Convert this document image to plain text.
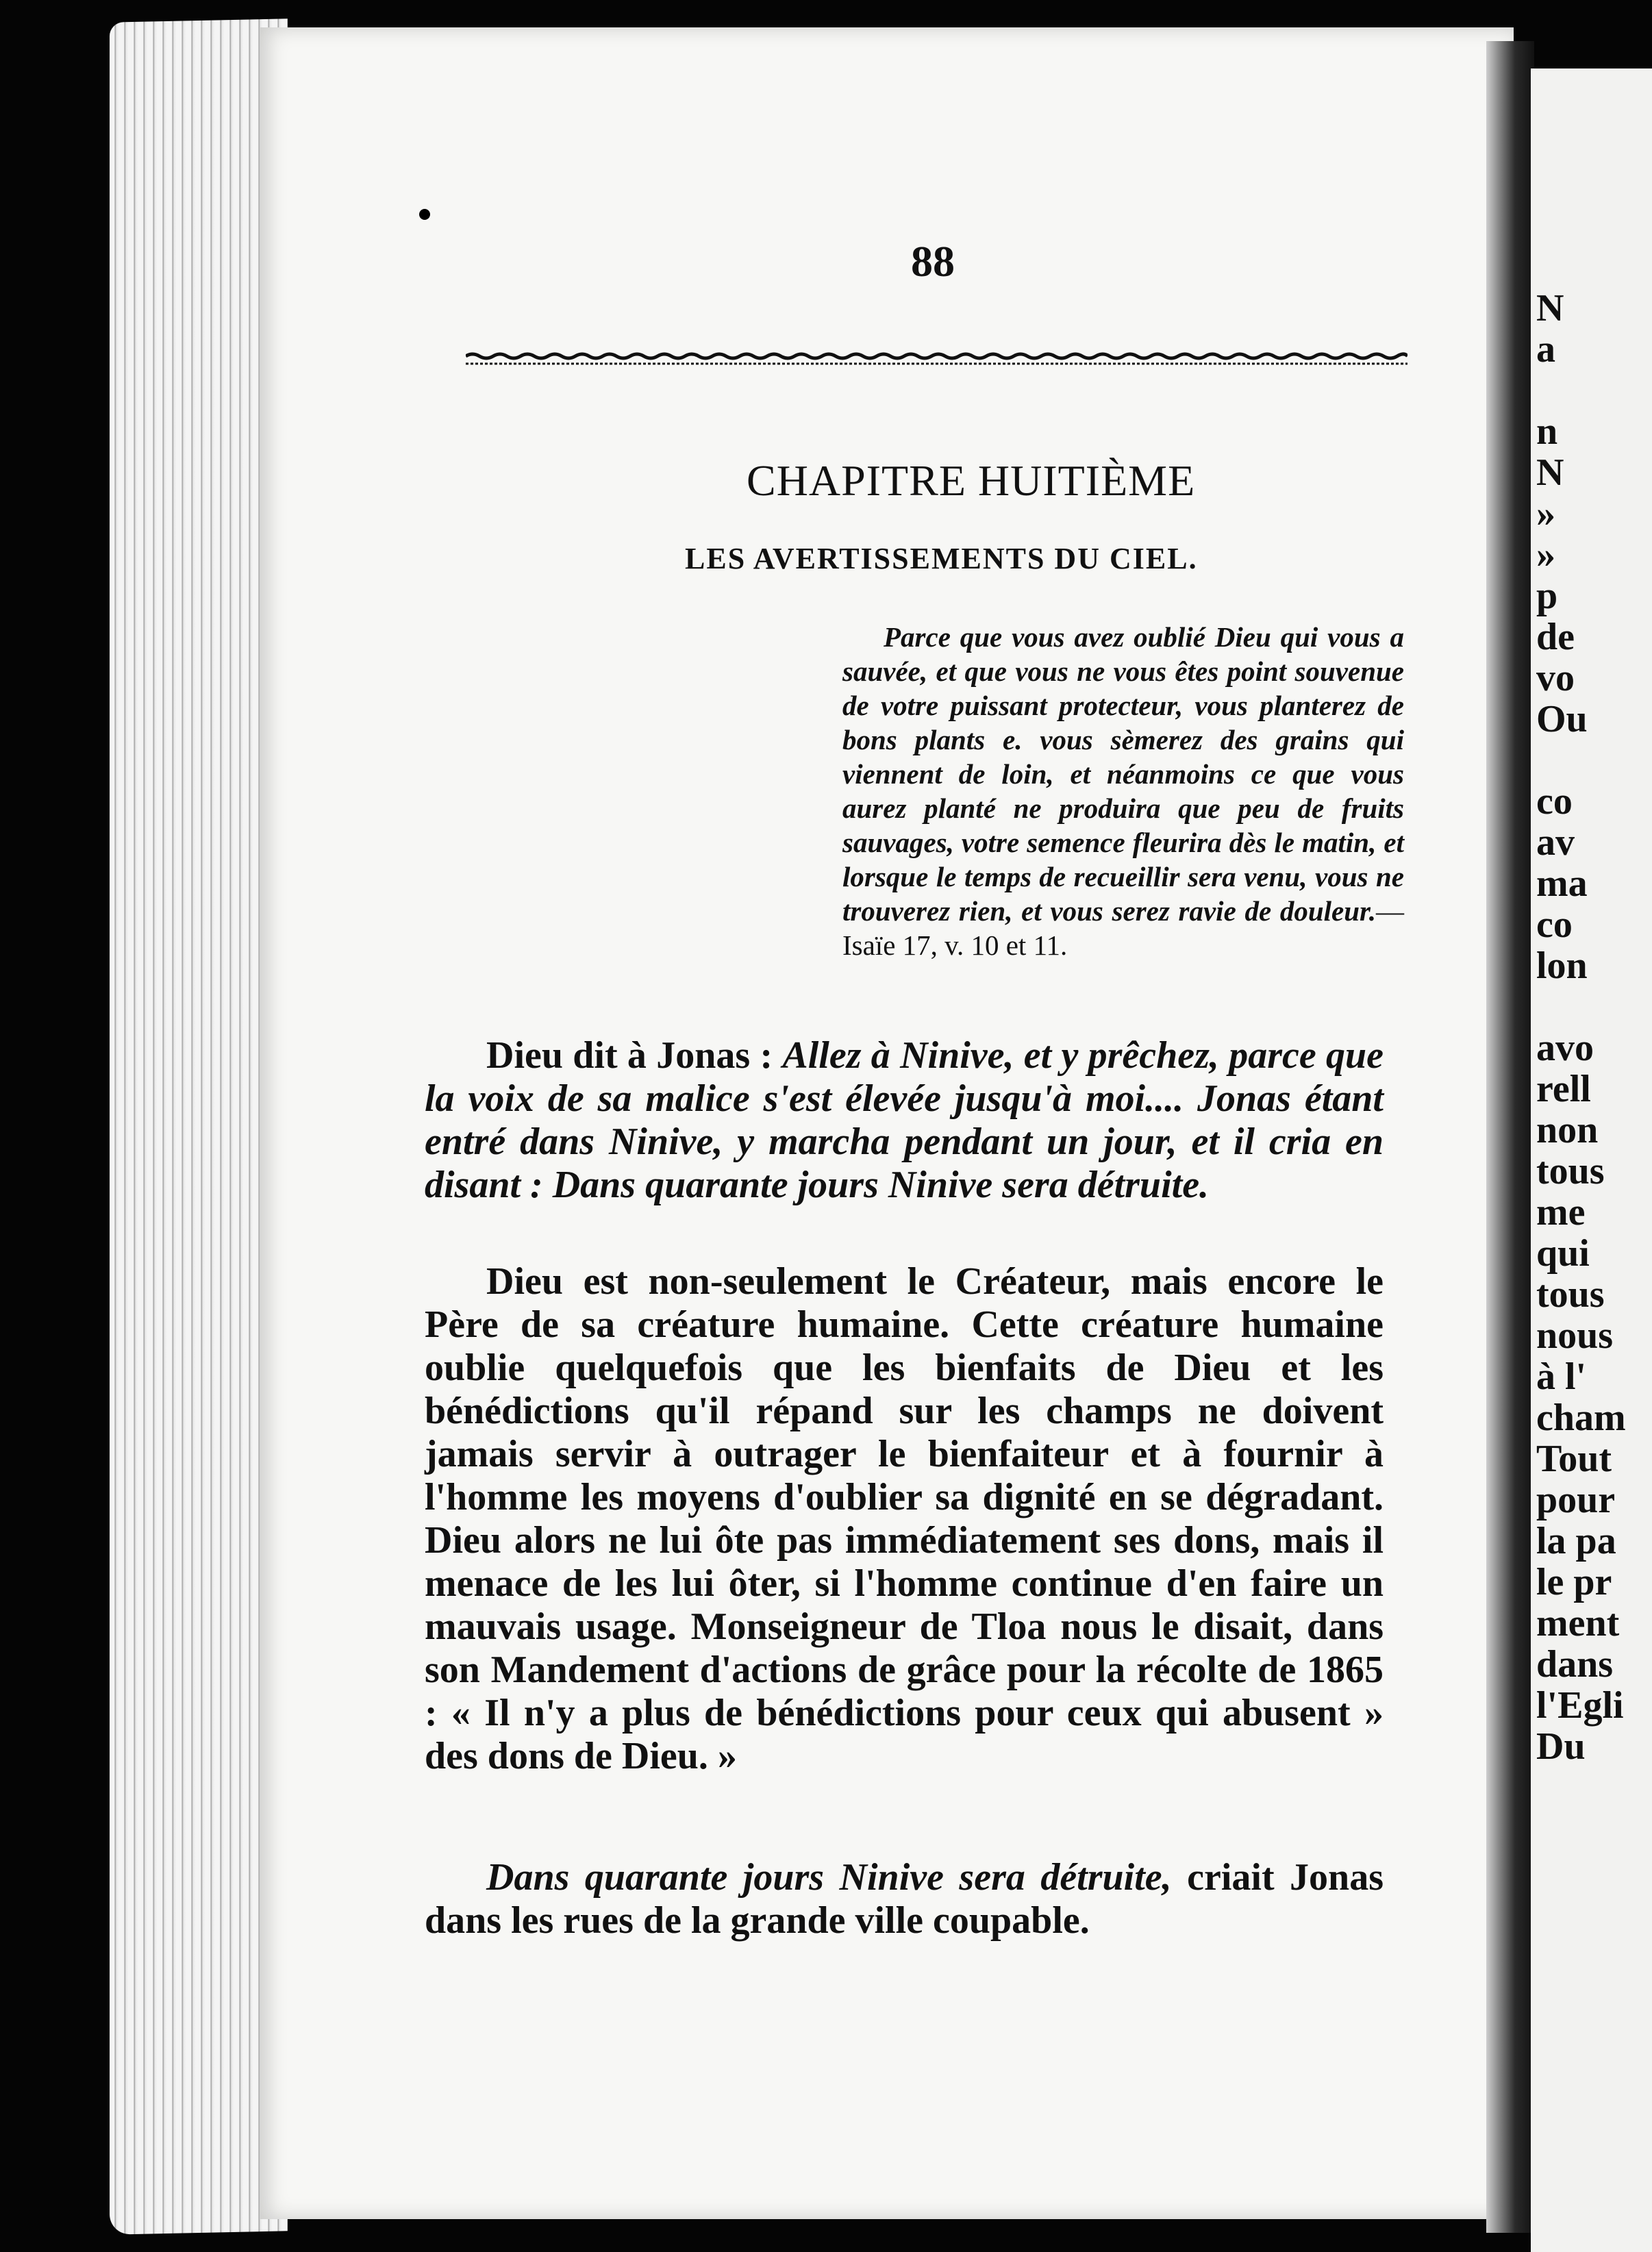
N
a

n
N
»
»
p
de
vo
Ou

co
av
ma
co
lon

avo
rell
non
tous
me
qui
tous
nous
à l'
cham
Tout
pour
la pa
le pr
ment
dans
l'Egli
Du
88
CHAPITRE HUITIÈME
LES AVERTISSEMENTS DU CIEL.
Parce que vous avez oublié Dieu qui vous a sauvée, et que vous ne vous êtes point souvenue de votre puissant protecteur, vous planterez de bons plants e. vous sèmerez des grains qui viennent de loin, et néanmoins ce que vous aurez planté ne produira que peu de fruits sauvages, votre semence fleurira dès le matin, et lorsque le temps de recueillir sera venu, vous ne trouverez rien, et vous serez ravie de douleur.—Isaïe 17, v. 10 et 11.
Dieu dit à Jonas : Allez à Ninive, et y prêchez, parce que la voix de sa malice s'est élevée jusqu'à moi.... Jonas étant entré dans Ninive, y marcha pendant un jour, et il cria en disant : Dans quarante jours Ninive sera détruite.
Dieu est non-seulement le Créateur, mais encore le Père de sa créature humaine. Cette créature humaine oublie quelquefois que les bienfaits de Dieu et les bénédictions qu'il répand sur les champs ne doivent jamais servir à outrager le bienfaiteur et à fournir à l'homme les moyens d'oublier sa dignité en se dégradant. Dieu alors ne lui ôte pas immédiatement ses dons, mais il menace de les lui ôter, si l'homme continue d'en faire un mauvais usage. Monseigneur de Tloa nous le disait, dans son Mandement d'actions de grâce pour la récolte de 1865 : « Il n'y a plus de bénédictions pour ceux qui abusent » des dons de Dieu. »
Dans quarante jours Ninive sera détruite, criait Jonas dans les rues de la grande ville coupable.
